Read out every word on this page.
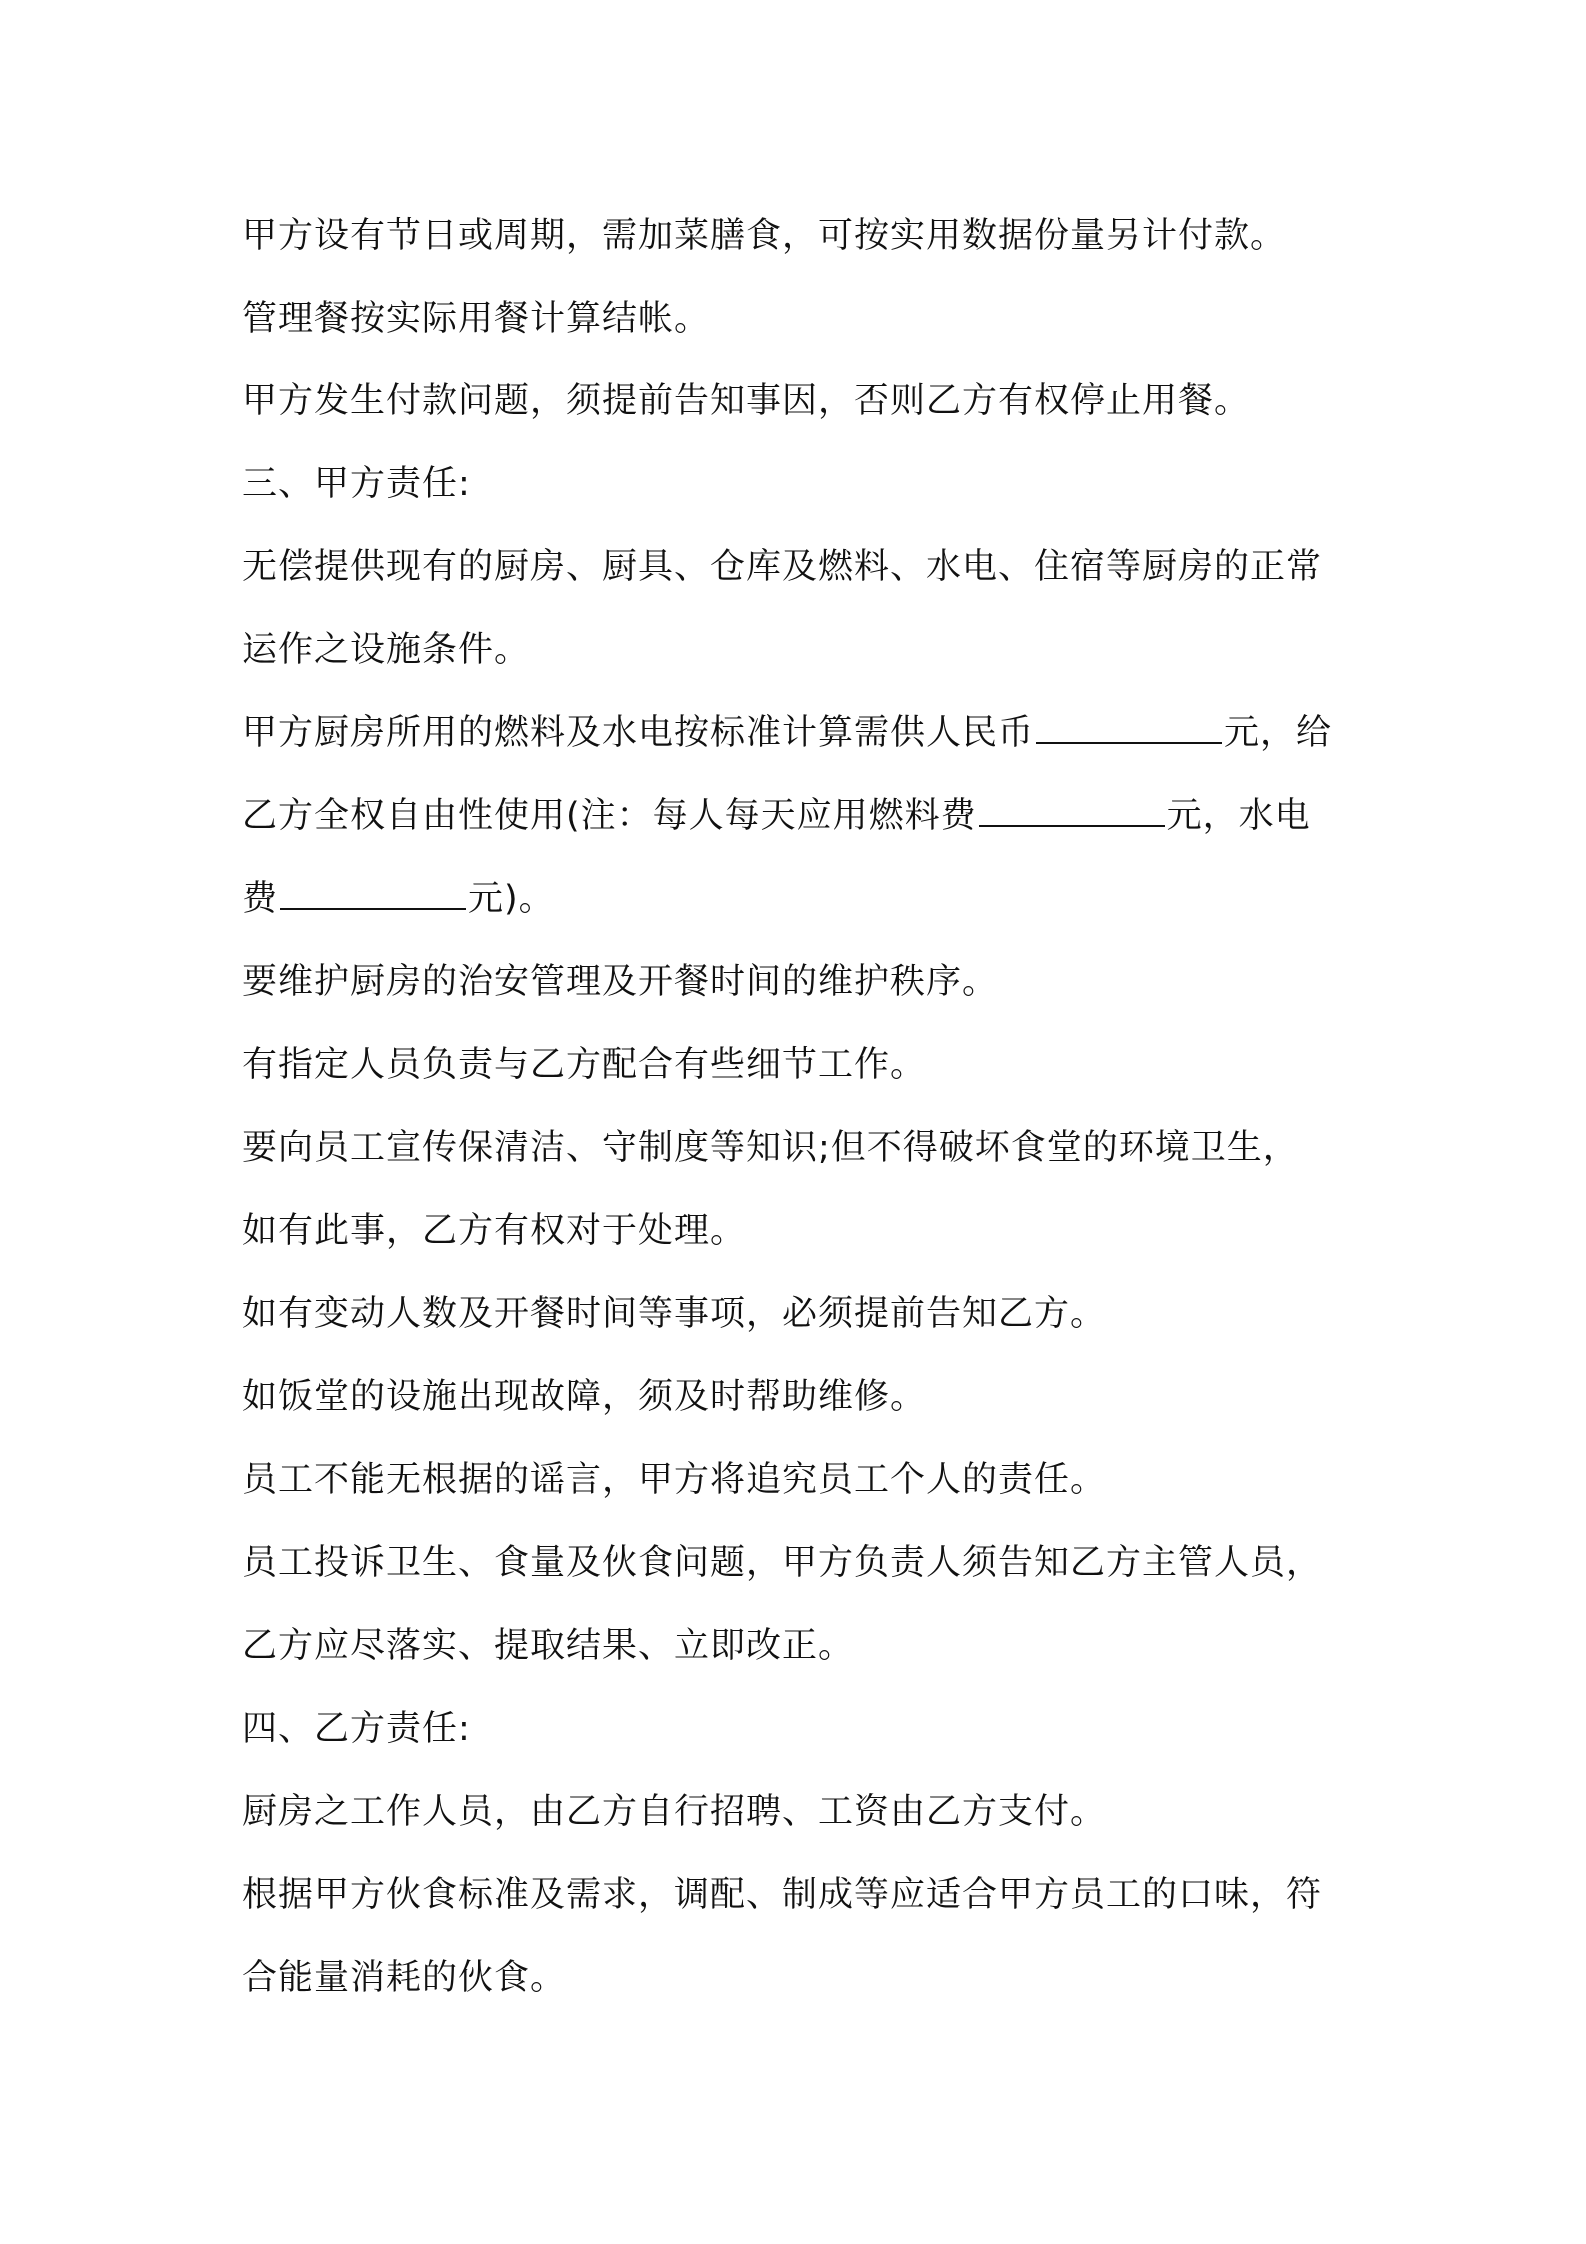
甲方设有节日或周期，需加菜膳食，可按实用数据份量另计付款。

管理餐按实际用餐计算结帐。

甲方发生付款问题，须提前告知事因，否则乙方有权停止用餐。

三、甲方责任:

无偿提供现有的厨房、厨具、仓库及燃料、水电、住宿等厨房的正常

运作之设施条件。

甲方厨房所用的燃料及水电按标准计算需供人民币	元，给

乙方全权自由性使用(注：每人每天应用燃料费	元，水电

费	元)。

要维护厨房的治安管理及开餐时间的维护秩序。

有指定人员负责与乙方配合有些细节工作。

要向员工宣传保清洁、守制度等知识;但不得破坏食堂的环境卫生，

如有此事，乙方有权对于处理。

如有变动人数及开餐时间等事项，必须提前告知乙方。

如饭堂的设施出现故障，须及时帮助维修。

员工不能无根据的谣言，甲方将追究员工个人的责任。

员工投诉卫生、食量及伙食问题，甲方负责人须告知乙方主管人员，

乙方应尽落实、提取结果、立即改正。

四、乙方责任:

厨房之工作人员，由乙方自行招聘、工资由乙方支付。

根据甲方伙食标准及需求，调配、制成等应适合甲方员工的口味，符

合能量消耗的伙食。
